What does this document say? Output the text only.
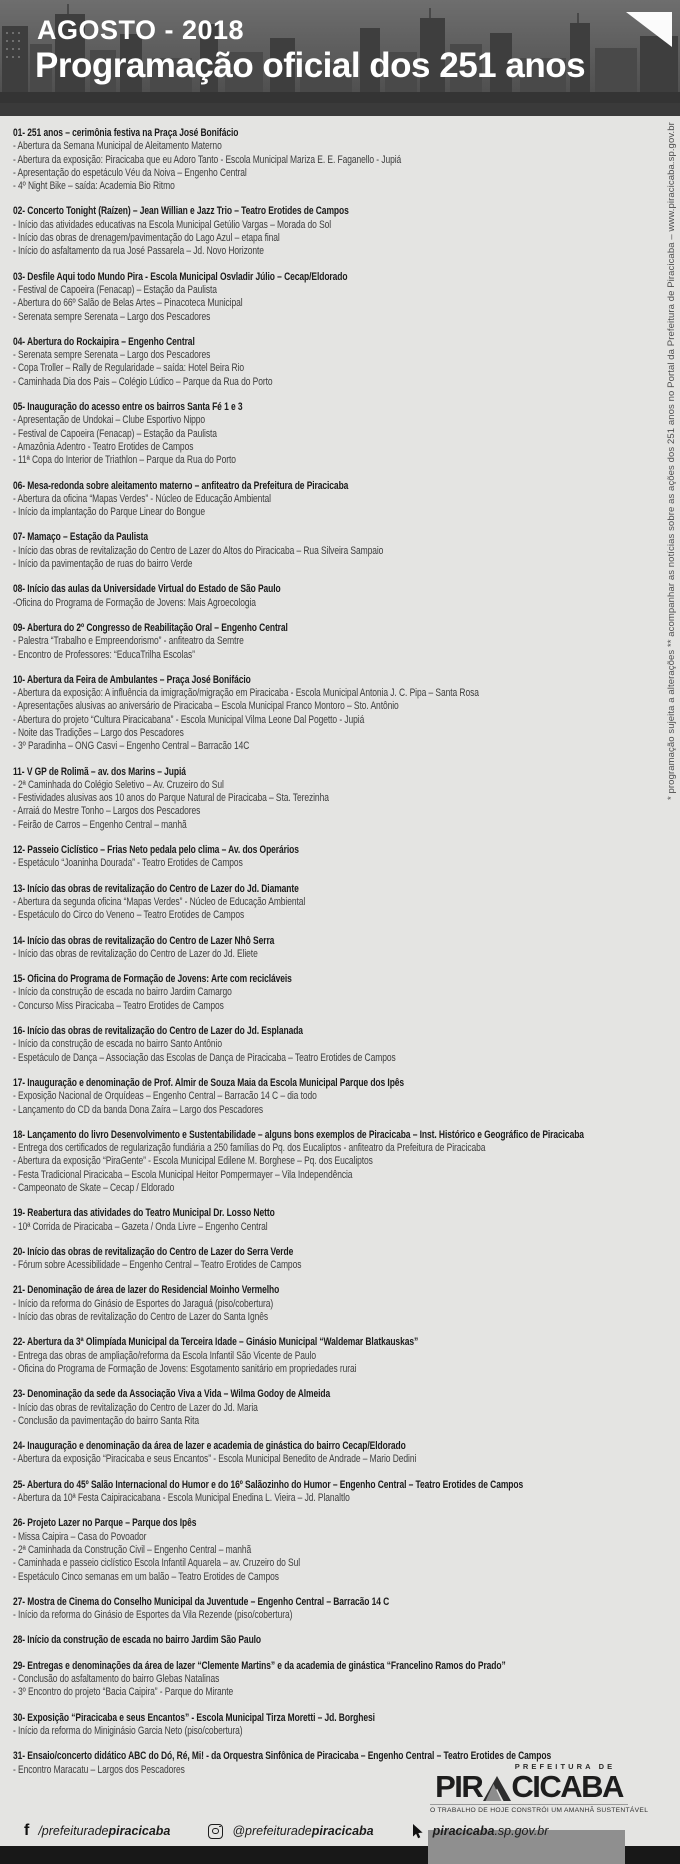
AGOSTO - 2018
Programação oficial dos 251 anos
01- 251 anos – cerimônia festiva na Praça José Bonifácio
- Abertura da Semana Municipal de Aleitamento Materno
- Abertura da exposição: Piracicaba que eu Adoro Tanto - Escola Municipal Mariza E. E. Faganello - Jupiá
- Apresentação do espetáculo Véu da Noiva – Engenho Central
- 4º Night Bike – saída: Academia Bio Ritmo
02- Concerto Tonight (Raízen) – Jean Willian e Jazz Trio – Teatro Erotides de Campos
- Início das atividades educativas na Escola Municipal Getúlio Vargas – Morada do Sol
- Início das obras de drenagem/pavimentação do Lago Azul – etapa final
- Início do asfaltamento da rua José Passarela – Jd. Novo Horizonte
03- Desfile Aqui todo Mundo Pira - Escola Municipal Osvladir Júlio – Cecap/Eldorado
- Festival de Capoeira (Fenacap) – Estação da Paulista
- Abertura do 66º Salão de Belas Artes – Pinacoteca Municipal
- Serenata sempre Serenata – Largo dos Pescadores
04- Abertura do Rockaipira – Engenho Central
- Serenata sempre Serenata – Largo dos Pescadores
- Copa Troller – Rally de Regularidade – saída: Hotel Beira Rio
- Caminhada Dia dos Pais – Colégio Lúdico – Parque da Rua do Porto
05- Inauguração do acesso entre os bairros Santa Fé 1 e 3
- Apresentação de Undokai – Clube Esportivo Nippo
- Festival de Capoeira (Fenacap) – Estação da Paulista
- Amazônia Adentro - Teatro Erotides de Campos
- 11ª Copa do Interior de Triathlon – Parque da Rua do Porto
06- Mesa-redonda sobre aleitamento materno – anfiteatro da Prefeitura de Piracicaba
- Abertura da oficina “Mapas Verdes” - Núcleo de Educação Ambiental
- Início da implantação do Parque Linear do Bongue
07- Mamaço – Estação da Paulista
- Início das obras de revitalização do Centro de Lazer do Altos do Piracicaba – Rua Silveira Sampaio
- Início da pavimentação de ruas do bairro Verde
08- Início das aulas da Universidade Virtual do Estado de São Paulo
-Oficina do Programa de Formação de Jovens: Mais Agroecologia
09- Abertura do 2º Congresso de Reabilitação Oral – Engenho Central
- Palestra “Trabalho e Empreendorismo” - anfiteatro da Semtre
- Encontro de Professores: “EducaTrilha Escolas”
10- Abertura da Feira de Ambulantes – Praça José Bonifácio
- Abertura da exposição: A influência da imigração/migração em Piracicaba - Escola Municipal Antonia J. C. Pipa – Santa Rosa
- Apresentações alusivas ao aniversário de Piracicaba – Escola Municipal Franco Montoro – Sto. Antônio
- Abertura do projeto “Cultura Piracicabana” - Escola Municipal Vilma Leone Dal Pogetto - Jupiá
- Noite das Tradições – Largo dos Pescadores
- 3º Paradinha – ONG Casvi – Engenho Central – Barracão 14C
11- V GP de Rolimã – av. dos Marins – Jupiá
- 2ª Caminhada do Colégio Seletivo – Av. Cruzeiro do Sul
- Festividades alusivas aos 10 anos do Parque Natural de Piracicaba – Sta. Terezinha
- Arraiá do Mestre Tonho – Largos dos Pescadores
- Feirão de Carros – Engenho Central – manhã
12- Passeio Ciclístico – Frias Neto pedala pelo clima – Av. dos Operários
- Espetáculo “Joaninha Dourada” - Teatro Erotides de Campos
13- Início das obras de revitalização do Centro de Lazer do Jd. Diamante
- Abertura da segunda oficina “Mapas Verdes” - Núcleo de Educação Ambiental
- Espetáculo do Circo do Veneno – Teatro Erotides de Campos
14- Início das obras de revitalização do Centro de Lazer Nhô Serra
- Início das obras de revitalização do Centro de Lazer do Jd. Eliete
15- Oficina do Programa de Formação de Jovens: Arte com recicláveis
- Início da construção de escada no bairro Jardim Camargo
- Concurso Miss Piracicaba – Teatro Erotides de Campos
16- Início das obras de revitalização do Centro de Lazer do Jd. Esplanada
- Início da construção de escada no bairro Santo Antônio
- Espetáculo de Dança – Associação das Escolas de Dança de Piracicaba – Teatro Erotides de Campos
17- Inauguração e denominação de Prof. Almir de Souza Maia da Escola Municipal Parque dos Ipês
- Exposição Nacional de Orquídeas – Engenho Central – Barracão 14 C – dia todo
- Lançamento do CD da banda Dona Zaíra – Largo dos Pescadores
18- Lançamento do livro Desenvolvimento e Sustentabilidade – alguns bons exemplos de Piracicaba – Inst. Histórico e Geográfico de Piracicaba
- Entrega dos certificados de regularização fundiária a 250 famílias do Pq. dos Eucaliptos - anfiteatro da Prefeitura de Piracicaba
- Abertura da exposição “PiraGente” - Escola Municipal Edilene M. Borghese – Pq. dos Eucaliptos
- Festa Tradicional Piracicaba – Escola Municipal Heitor Pompermayer – Vila Independência
- Campeonato de Skate – Cecap / Eldorado
19- Reabertura das atividades do Teatro Municipal Dr. Losso Netto
- 10ª Corrida de Piracicaba – Gazeta / Onda Livre – Engenho Central
20- Início das obras de revitalização do Centro de Lazer do Serra Verde
- Fórum sobre Acessibilidade – Engenho Central – Teatro Erotides de Campos
21- Denominação de área de lazer do Residencial Moinho Vermelho
- Início da reforma do Ginásio de Esportes do Jaraguá (piso/cobertura)
- Início das obras de revitalização do Centro de Lazer do Santa Ignês
22- Abertura da 3ª Olimpíada Municipal da Terceira Idade – Ginásio Municipal “Waldemar Blatkauskas”
- Entrega das obras de ampliação/reforma da Escola Infantil São Vicente de Paulo
- Oficina do Programa de Formação de Jovens: Esgotamento sanitário em propriedades rurai
23- Denominação da sede da Associação Viva a Vida – Wilma Godoy de Almeida
- Início das obras de revitalização do Centro de Lazer do Jd. Maria
- Conclusão da pavimentação do bairro Santa Rita
24- Inauguração e denominação da área de lazer e academia de ginástica do bairro Cecap/Eldorado
- Abertura da exposição “Piracicaba e seus Encantos” - Escola Municipal Benedito de Andrade – Mario Dedini
25- Abertura do 45º Salão Internacional do Humor e do 16º Salãozinho do Humor – Engenho Central – Teatro Erotides de Campos
- Abertura da 10ª Festa Caipiracicabana - Escola Municipal Enedina L. Vieira – Jd. Planaltlo
26- Projeto Lazer no Parque – Parque dos Ipês
- Missa Caipira – Casa do Povoador
- 2ª Caminhada da Construção Civil – Engenho Central – manhã
- Caminhada e passeio ciclístico Escola Infantil Aquarela – av. Cruzeiro do Sul
- Espetáculo Cinco semanas em um balão – Teatro Erotides de Campos
27- Mostra de Cinema do Conselho Municipal da Juventude – Engenho Central – Barracão 14 C
- Início da reforma do Ginásio de Esportes da Vila Rezende (piso/cobertura)
28- Início da construção de escada no bairro Jardim São Paulo
29- Entregas e denominações da área de lazer “Clemente Martins” e da academia de ginástica “Francelino Ramos do Prado”
- Conclusão do asfaltamento do bairro Glebas Natalinas
- 3º Encontro do projeto “Bacia Caipira” - Parque do Mirante
30- Exposição “Piracicaba e seus Encantos” - Escola Municipal Tirza Moretti – Jd. Borghesi
- Início da reforma do Miniginásio Garcia Neto (piso/cobertura)
31- Ensaio/concerto didático ABC do Dó, Ré, Mi! - da Orquestra Sinfônica de Piracicaba – Engenho Central – Teatro Erotides de Campos
- Encontro Maracatu – Largos dos Pescadores
* programação sujeita a alterações ** acompanhar as notícias sobre as ações dos 251 anos no Portal da Prefeitura de Piracicaba – www.piracicaba.sp.gov.br
f /prefeituradepiracicaba	@prefeituradepiracicaba	piracicaba.sp.gov.br
PREFEITURA DE
PIR CICABA
O TRABALHO DE HOJE CONSTRÓI UM AMANHÃ SUSTENTÁVEL
